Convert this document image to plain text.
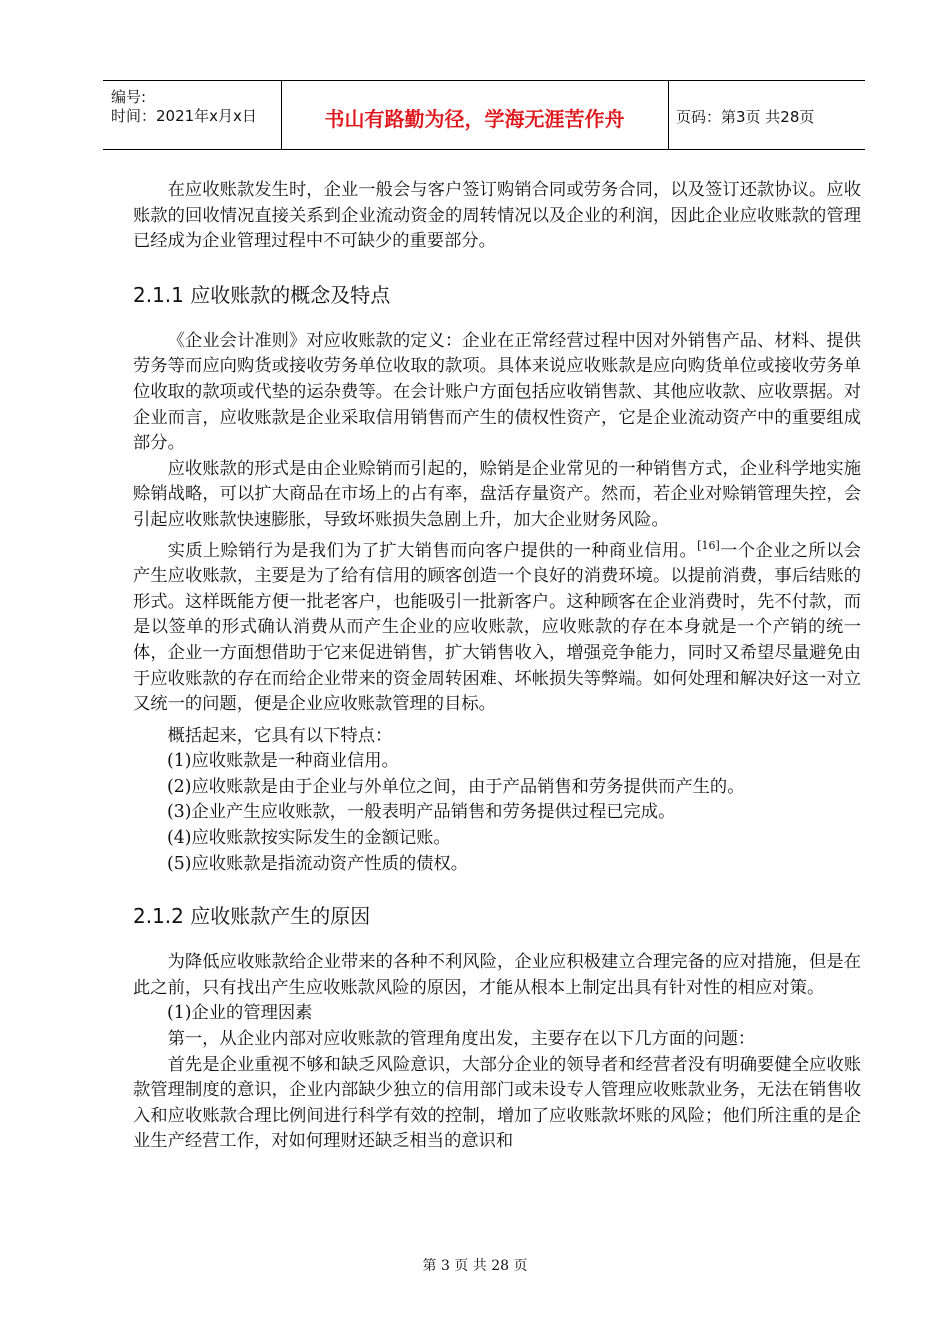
编号:
时间：2021年x月x日	书山有路勤为径，学海无涯苦作舟	页码：第3页 共28页

在应收账款发生时，企业一般会与客户签订购销合同或劳务合同，以及签订还款协议。应收账款的回收情况直接关系到企业流动资金的周转情况以及企业的利润，因此企业应收账款的管理已经成为企业管理过程中不可缺少的重要部分。

2.1.1 应收账款的概念及特点

《企业会计准则》对应收账款的定义：企业在正常经营过程中因对外销售产品、材料、提供劳务等而应向购货或接收劳务单位收取的款项。具体来说应收账款是应向购货单位或接收劳务单位收取的款项或代垫的运杂费等。在会计账户方面包括应收销售款、其他应收款、应收票据。对企业而言，应收账款是企业采取信用销售而产生的债权性资产，它是企业流动资产中的重要组成部分。

应收账款的形式是由企业赊销而引起的，赊销是企业常见的一种销售方式，企业科学地实施赊销战略，可以扩大商品在市场上的占有率，盘活存量资产。然而，若企业对赊销管理失控，会引起应收账款快速膨胀，导致坏账损失急剧上升，加大企业财务风险。

实质上赊销行为是我们为了扩大销售而向客户提供的一种商业信用。[16]一个企业之所以会产生应收账款，主要是为了给有信用的顾客创造一个良好的消费环境。以提前消费，事后结账的形式。这样既能方便一批老客户，也能吸引一批新客户。这种顾客在企业消费时，先不付款，而是以签单的形式确认消费从而产生企业的应收账款，应收账款的存在本身就是一个产销的统一体，企业一方面想借助于它来促进销售，扩大销售收入，增强竞争能力，同时又希望尽量避免由于应收账款的存在而给企业带来的资金周转困难、坏帐损失等弊端。如何处理和解决好这一对立又统一的问题，便是企业应收账款管理的目标。

概括起来，它具有以下特点：

(1)应收账款是一种商业信用。

(2)应收账款是由于企业与外单位之间，由于产品销售和劳务提供而产生的。

(3)企业产生应收账款，一般表明产品销售和劳务提供过程已完成。

(4)应收账款按实际发生的金额记账。

(5)应收账款是指流动资产性质的债权。

2.1.2 应收账款产生的原因

为降低应收账款给企业带来的各种不利风险，企业应积极建立合理完备的应对措施，但是在此之前，只有找出产生应收账款风险的原因，才能从根本上制定出具有针对性的相应对策。

(1)企业的管理因素

第一，从企业内部对应收账款的管理角度出发，主要存在以下几方面的问题：

首先是企业重视不够和缺乏风险意识，大部分企业的领导者和经营者没有明确要健全应收账款管理制度的意识，企业内部缺少独立的信用部门或未设专人管理应收账款业务，无法在销售收入和应收账款合理比例间进行科学有效的控制，增加了应收账款坏账的风险；他们所注重的是企业生产经营工作，对如何理财还缺乏相当的意识和

第 3 页 共 28 页
